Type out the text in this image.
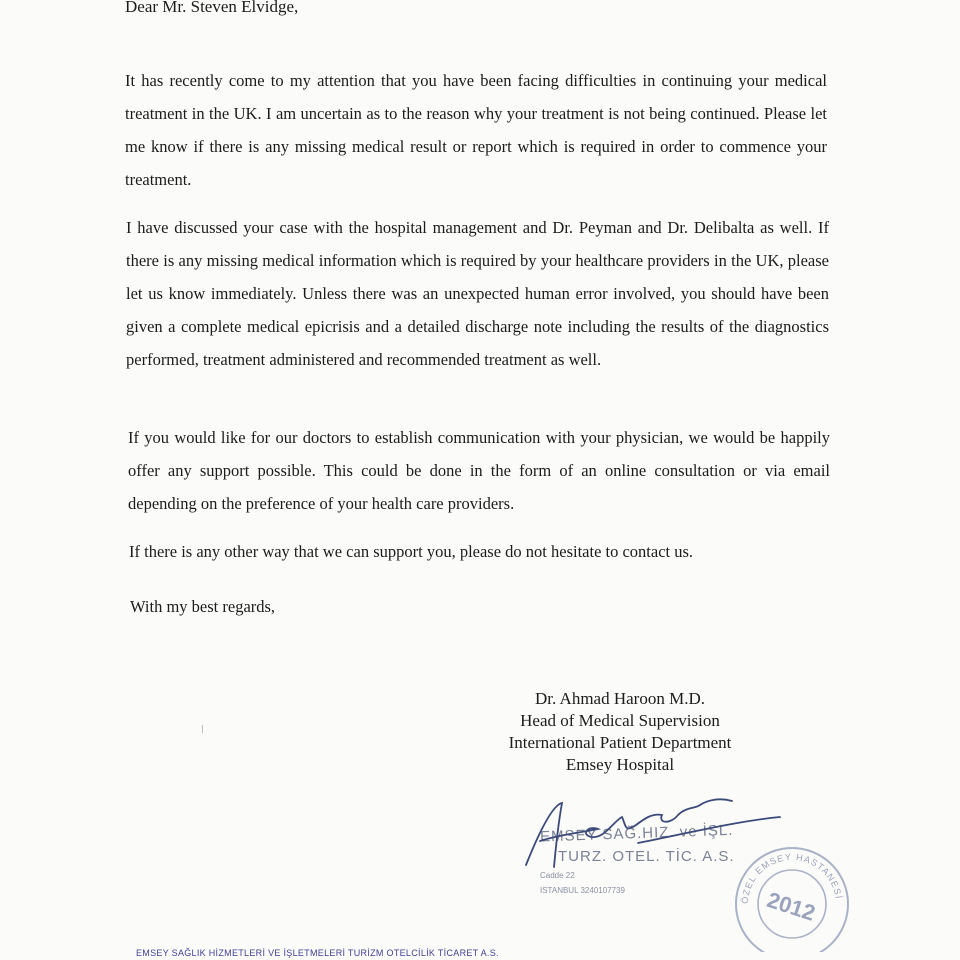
Dear Mr. Steven Elvidge,

It has recently come to my attention that you have been facing difficulties in continuing your medical treatment in the UK. I am uncertain as to the reason why your treatment is not being continued. Please let me know if there is any missing medical result or report which is required in order to commence your treatment.

I have discussed your case with the hospital management and Dr. Peyman and Dr. Delibalta as well. If there is any missing medical information which is required by your healthcare providers in the UK, please let us know immediately. Unless there was an unexpected human error involved, you should have been given a complete medical epicrisis and a detailed discharge note including the results of the diagnostics performed, treatment administered and recommended treatment as well.

If you would like for our doctors to establish communication with your physician, we would be happily offer any support possible. This could be done in the form of an online consultation or via email depending on the preference of your health care providers.

If there is any other way that we can support you, please do not hesitate to contact us.

With my best regards,

Dr. Ahmad Haroon M.D.
Head of Medical Supervision
International Patient Department
Emsey Hospital
EMSEY SAĞ.HIZ. ve İŞL.
TURZ. OTEL. TİC. A.S.
Cadde 22
ISTANBUL 3240107739
ÖZEL EMSEY HASTANESİ
2012
EMSEY SAĞLIK HİZMETLERİ VE İŞLETMELERİ TURİZM OTELCİLİK TİCARET A.S.
